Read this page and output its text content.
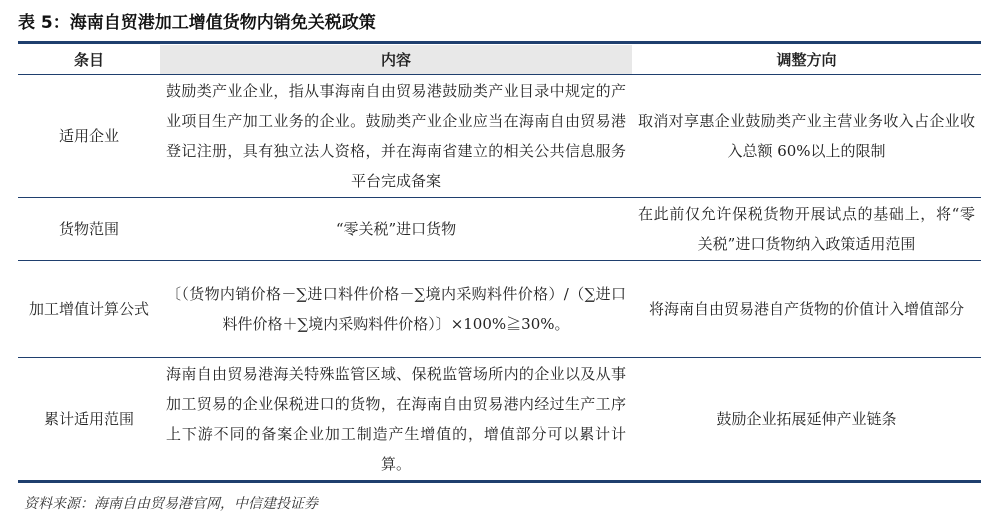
表 5：海南自贸港加工增值货物内销免关税政策
条目	内容	调整方向
适用企业	鼓励类产业企业，指从事海南自由贸易港鼓励类产业目录中规定的产业项目生产加工业务的企业。鼓励类产业企业应当在海南自由贸易港登记注册，具有独立法人资格，并在海南省建立的相关公共信息服务平台完成备案	取消对享惠企业鼓励类产业主营业务收入占企业收入总额 60%以上的限制
货物范围	“零关税”进口货物	在此前仅允许保税货物开展试点的基础上，将“零关税”进口货物纳入政策适用范围
加工增值计算公式	〔（货物内销价格－∑进口料件价格－∑境内采购料件价格）/（∑进口料件价格＋∑境内采购料件价格）〕×100%≧30%。	将海南自由贸易港自产货物的价值计入增值部分
累计适用范围	海南自由贸易港海关特殊监管区域、保税监管场所内的企业以及从事加工贸易的企业保税进口的货物，在海南自由贸易港内经过生产工序上下游不同的备案企业加工制造产生增值的，增值部分可以累计计算。	鼓励企业拓展延伸产业链条
资料来源：海南自由贸易港官网，中信建投证券
